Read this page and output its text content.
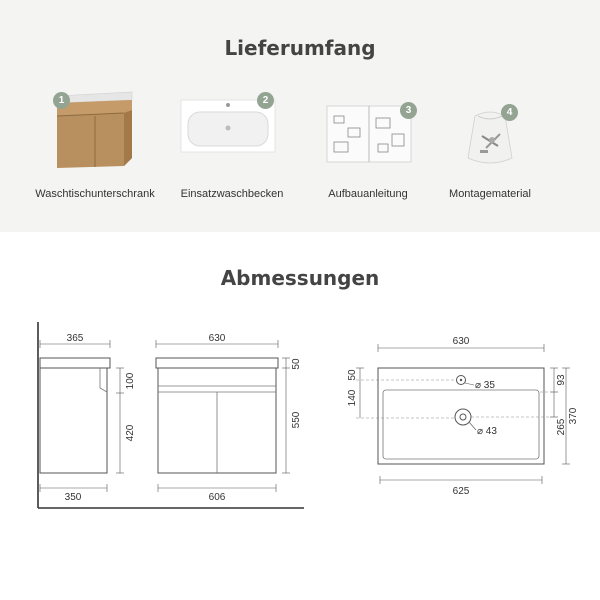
Lieferumfang
1
Waschtischunterschrank
2
Einsatzwaschbecken
3
Aufbauanleitung
4
Montagematerial
Abmessungen
365
350
100
420
630
606
50
550
630
625
50
140
93
265
370
⌀ 35
⌀ 43
